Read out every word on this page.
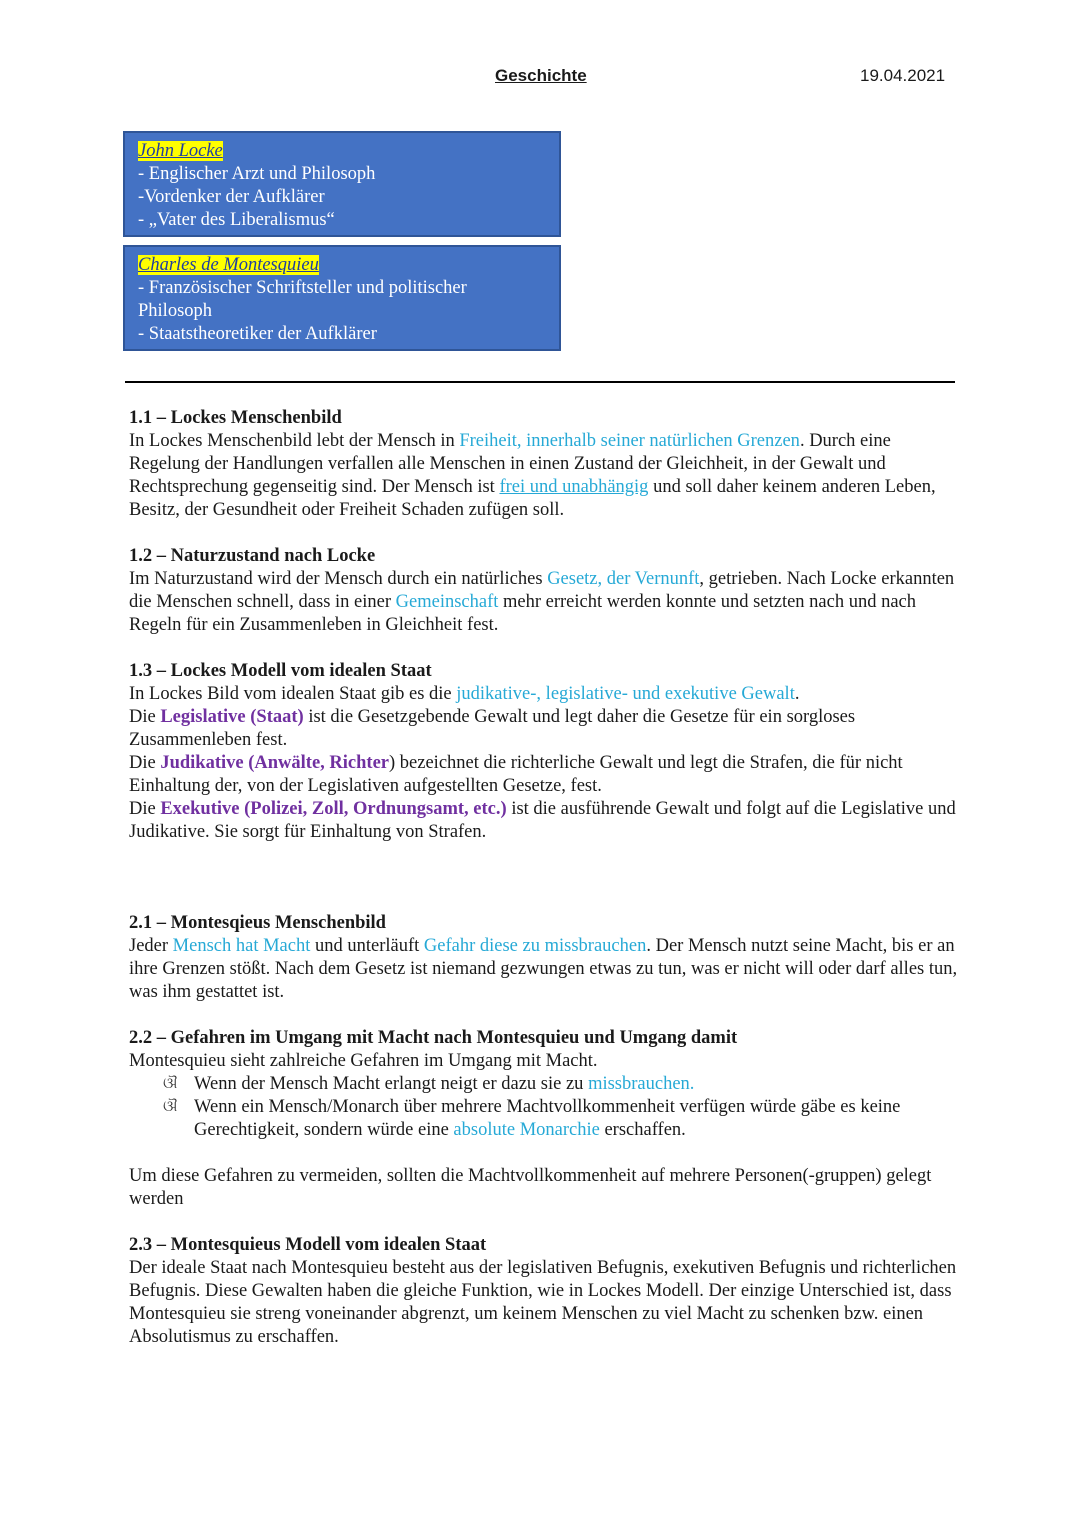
Geschichte	19.04.2021
John Locke
- Englischer Arzt und Philosoph
-Vordenker der Aufklärer
- „Vater des Liberalismus“
Charles de Montesquieu
- Französischer Schriftsteller und politischer
Philosoph
- Staatstheoretiker der Aufklärer
1.1 – Lockes Menschenbild

In Lockes Menschenbild lebt der Mensch in Freiheit, innerhalb seiner natürlichen Grenzen. Durch eine Regelung der Handlungen verfallen alle Menschen in einen Zustand der Gleichheit, in der Gewalt und Rechtsprechung gegenseitig sind. Der Mensch ist frei und unabhängig und soll daher keinem anderen Leben, Besitz, der Gesundheit oder Freiheit Schaden zufügen soll.

1.2 – Naturzustand nach Locke

Im Naturzustand wird der Mensch durch ein natürliches Gesetz, der Vernunft, getrieben. Nach Locke erkannten die Menschen schnell, dass in einer Gemeinschaft mehr erreicht werden konnte und setzten nach und nach Regeln für ein Zusammenleben in Gleichheit fest.

1.3 – Lockes Modell vom idealen Staat

In Lockes Bild vom idealen Staat gib es die judikative-, legislative- und exekutive Gewalt.

Die Legislative (Staat) ist die Gesetzgebende Gewalt und legt daher die Gesetze für ein sorgloses Zusammenleben fest.

Die Judikative (Anwälte, Richter) bezeichnet die richterliche Gewalt und legt die Strafen, die für nicht Einhaltung der, von der Legislativen aufgestellten Gesetze, fest.

Die Exekutive (Polizei, Zoll, Ordnungsamt, etc.) ist die ausführende Gewalt und folgt auf die Legislative und Judikative. Sie sorgt für Einhaltung von Strafen.

2.1 – Montesqieus Menschenbild

Jeder Mensch hat Macht und unterläuft Gefahr diese zu missbrauchen. Der Mensch nutzt seine Macht, bis er an ihre Grenzen stößt. Nach dem Gesetz ist niemand gezwungen etwas zu tun, was er nicht will oder darf alles tun, was ihm gestattet ist.

2.2 – Gefahren im Umgang mit Macht nach Montesquieu und Umgang damit

Montesquieu sieht zahlreiche Gefahren im Umgang mit Macht.

ଔ Wenn der Mensch Macht erlangt neigt er dazu sie zu missbrauchen.
ଔ Wenn ein Mensch/Monarch über mehrere Machtvollkommenheit verfügen würde gäbe es keine Gerechtigkeit, sondern würde eine absolute Monarchie erschaffen.

Um diese Gefahren zu vermeiden, sollten die Machtvollkommenheit auf mehrere Personen(-gruppen) gelegt werden

2.3 – Montesquieus Modell vom idealen Staat

Der ideale Staat nach Montesquieu besteht aus der legislativen Befugnis, exekutiven Befugnis und richterlichen Befugnis. Diese Gewalten haben die gleiche Funktion, wie in Lockes Modell. Der einzige Unterschied ist, dass Montesquieu sie streng voneinander abgrenzt, um keinem Menschen zu viel Macht zu schenken bzw. einen Absolutismus zu erschaffen.
